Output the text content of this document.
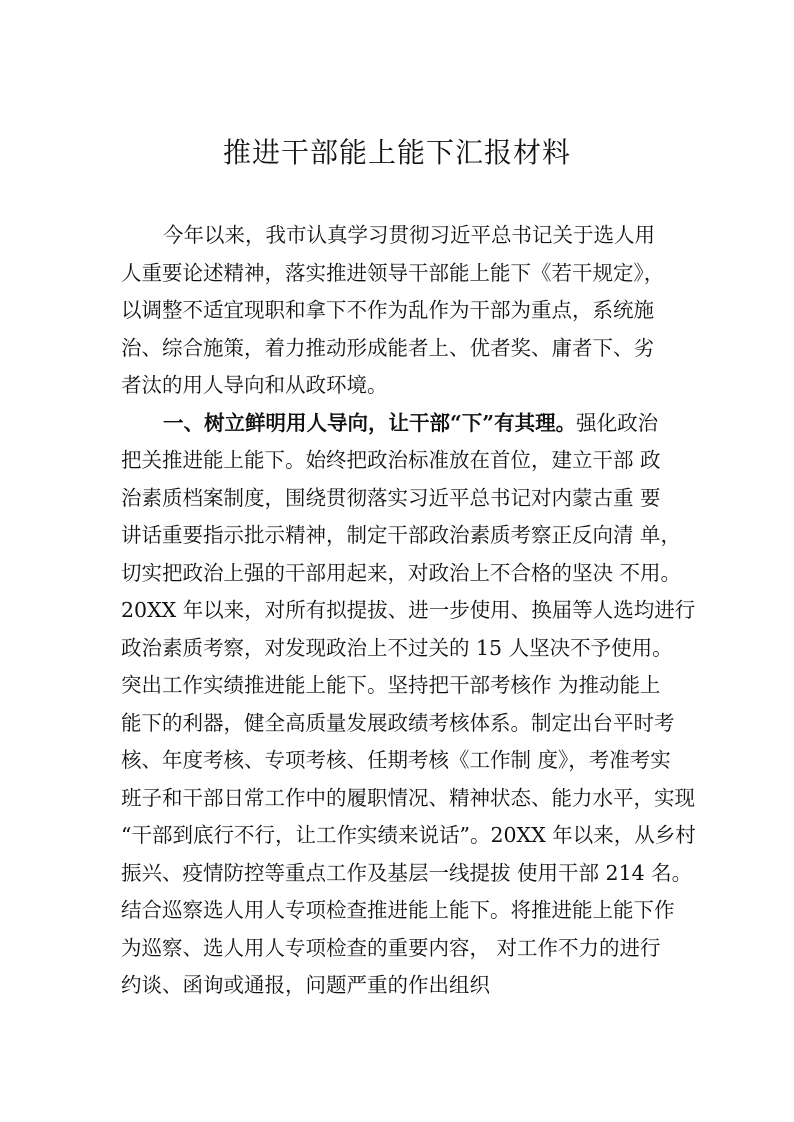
推进干部能上能下汇报材料
今年以来，我市认真学习贯彻习近平总书记关于选人用
人重要论述精神，落实推进领导干部能上能下《若干规定》，
以调整不适宜现职和拿下不作为乱作为干部为重点，系统施
治、综合施策，着力推动形成能者上、优者奖、庸者下、劣
者汰的用人导向和从政环境。
一、树立鲜明用人导向，让干部“下”有其理。强化政治
把关推进能上能下。始终把政治标准放在首位，建立干部 政
治素质档案制度，围绕贯彻落实习近平总书记对内蒙古重 要
讲话重要指示批示精神，制定干部政治素质考察正反向清 单，
切实把政治上强的干部用起来，对政治上不合格的坚决 不用。
20XX 年以来，对所有拟提拔、进一步使用、换届等人选均进行
政治素质考察，对发现政治上不过关的 15 人坚决不予使用。
突出工作实绩推进能上能下。坚持把干部考核作 为推动能上
能下的利器，健全高质量发展政绩考核体系。制定出台平时考
核、年度考核、专项考核、任期考核《工作制 度》，考准考实
班子和干部日常工作中的履职情况、精神状态、能力水平，实现
“干部到底行不行，让工作实绩来说话”。20XX 年以来，从乡村
振兴、疫情防控等重点工作及基层一线提拔 使用干部 214 名。
结合巡察选人用人专项检查推进能上能下。将推进能上能下作
为巡察、选人用人专项检查的重要内容， 对工作不力的进行
约谈、函询或通报，问题严重的作出组织
